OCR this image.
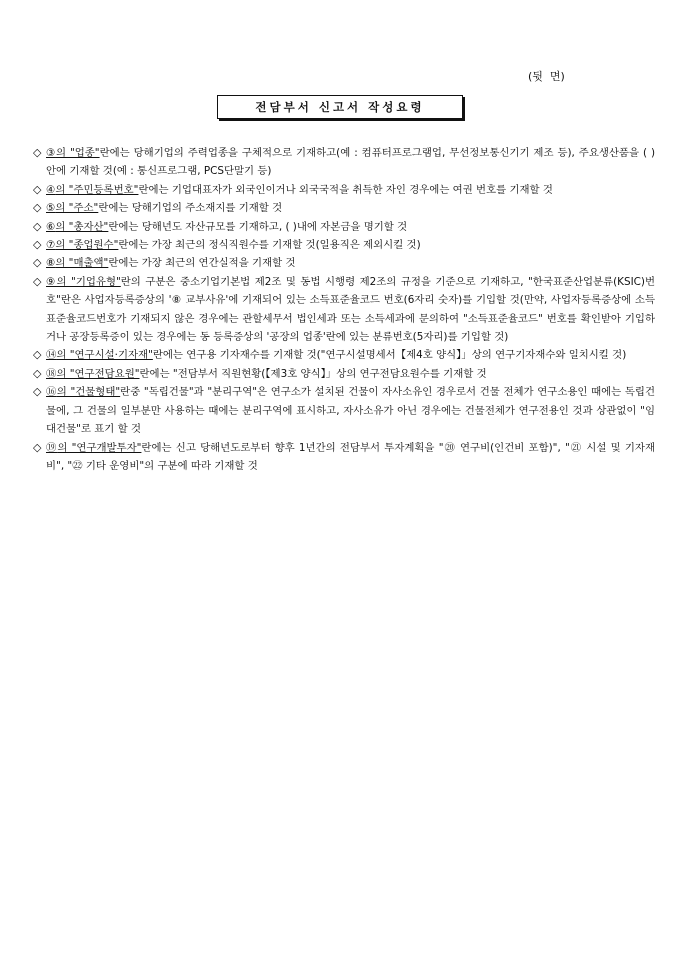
(뒷  면)
전담부서 신고서 작성요령

◇ ③의 "업종"란에는 당해기업의 주력업종을 구체적으로 기재하고(예 : 컴퓨터프로그램업, 무선정보통신기기 제조 등), 주요생산품을 ( ) 안에 기재할 것(예 : 통신프로그램, PCS단말기 등)

◇ ④의 "주민등록번호"란에는 기업대표자가 외국인이거나 외국국적을 취득한 자인 경우에는 여권 번호를 기재할 것

◇ ⑤의 "주소"란에는 당해기업의 주소재지를 기재할 것

◇ ⑥의 "총자산"란에는 당해년도 자산규모를 기재하고, ( )내에 자본금을 명기할 것

◇ ⑦의 "종업원수"란에는 가장 최근의 정식직원수를 기재할 것(일용직은 제외시킬 것)

◇ ⑧의 "매출액"란에는 가장 최근의 연간실적을 기재할 것

◇ ⑨의 "기업유형"란의 구분은 중소기업기본법 제2조 및 동법 시행령 제2조의 규정을 기준으로 기재하고, "한국표준산업분류(KSIC)번호"란은 사업자등록증상의 '⑧ 교부사유'에 기재되어 있는 소득표준율코드 번호(6자리 숫자)를 기입할 것(만약, 사업자등록증상에 소득표준율코드번호가 기재되지 않은 경우에는 관할세무서 법인세과 또는 소득세과에 문의하여 "소득표준율코드" 번호를 확인받아 기입하거나 공장등록증이 있는 경우에는 동 등록증상의 '공장의 업종'란에 있는 분류번호(5자리)를 기입할 것)

◇ ⑭의 "연구시설·기자재"란에는 연구용 기자재수를 기재할 것("연구시설명세서【제4호 양식】」상의 연구기자재수와 일치시킬 것)

◇ ⑱의 "연구전담요원"란에는 "전담부서 직원현황(【제3호 양식】」상의 연구전담요원수를 기재할 것

◇ ⑯의 "건물형태"란중 "독립건물"과 "분리구역"은 연구소가 설치된 건물이 자사소유인 경우로서 건물 전체가 연구소용인 때에는 독립건물에, 그 건물의 일부분만 사용하는 때에는 분리구역에 표시하고, 자사소유가 아닌 경우에는 건물전체가 연구전용인 것과 상관없이 "임대건물"로 표기 할 것

◇ ⑲의 "연구개발투자"란에는 신고 당해년도로부터 향후 1년간의 전담부서 투자계획을 "⑳ 연구비(인건비 포함)", "㉑ 시설 및 기자재비", "㉒ 기타 운영비"의 구분에 따라 기재할 것
